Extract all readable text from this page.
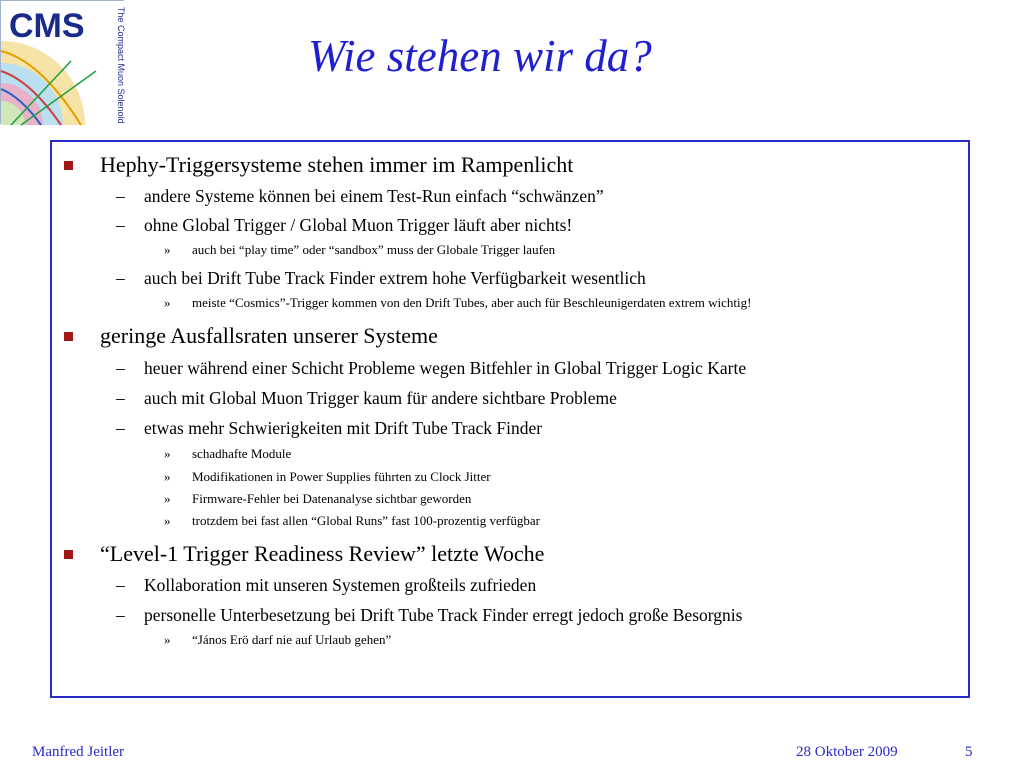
CMS	The Compact Muon Solenoid	Wie stehen wir da?
Hephy-Triggersysteme stehen immer im Rampenlicht
– andere Systeme können bei einem Test-Run einfach “schwänzen”
– ohne Global Trigger / Global Muon Trigger läuft aber nichts!
» auch bei “play time” oder “sandbox” muss der Globale Trigger laufen
– auch bei Drift Tube Track Finder extrem hohe Verfügbarkeit wesentlich
» meiste “Cosmics”-Trigger kommen von den Drift Tubes, aber auch für Beschleunigerdaten extrem wichtig!
geringe Ausfallsraten unserer Systeme
– heuer während einer Schicht Probleme wegen Bitfehler in Global Trigger Logic Karte
– auch mit Global Muon Trigger kaum für andere sichtbare Probleme
– etwas mehr Schwierigkeiten mit Drift Tube Track Finder
» schadhafte Module
» Modifikationen in Power Supplies führten zu Clock Jitter
» Firmware-Fehler bei Datenanalyse sichtbar geworden
» trotzdem bei fast allen “Global Runs” fast 100-prozentig verfügbar
“Level-1 Trigger Readiness Review” letzte Woche
– Kollaboration mit unseren Systemen großteils zufrieden
– personelle Unterbesetzung bei Drift Tube Track Finder erregt jedoch große Besorgnis
» “János Erö darf nie auf Urlaub gehen”
Manfred Jeitler	28 Oktober 2009	5
